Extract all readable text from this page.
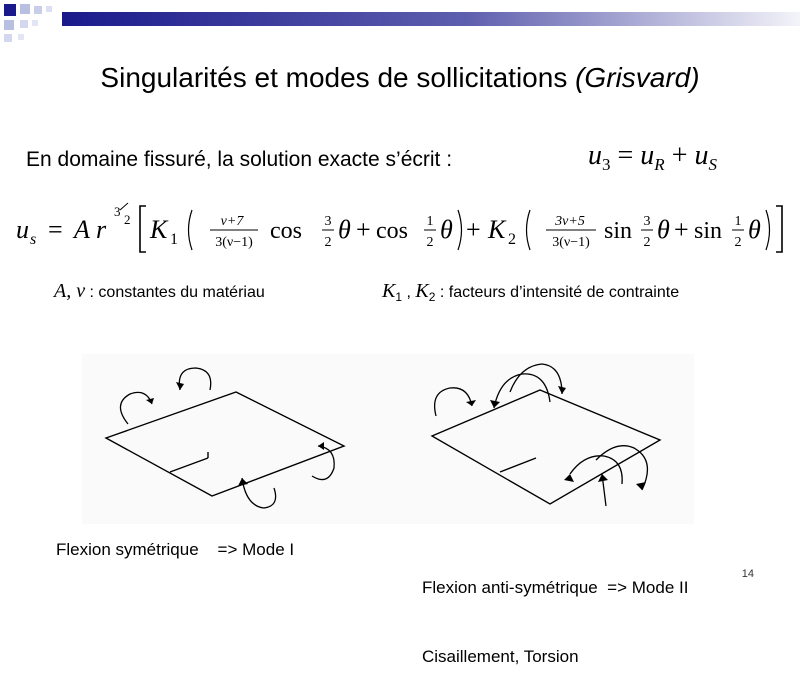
Singularités et modes de sollicitations (Grisvard)
En domaine fissuré, la solution exacte s’écrit :	$u_3 = u_R + u_S$
u s = A r
3
2 K 1
ν+7
3(ν−1) cos 3
2 θ + cos 1
2 θ + K 2
3ν+5
3(ν−1) sin 3
2 θ + sin 1
2 θ
A, ν : constantes du matériau	$K_1$ , $K_2$ : facteurs d’intensité de contrainte
Flexion symétrique    => Mode I

Flexion anti-symétrique  => Mode II

Cisaillement, Torsion

14
